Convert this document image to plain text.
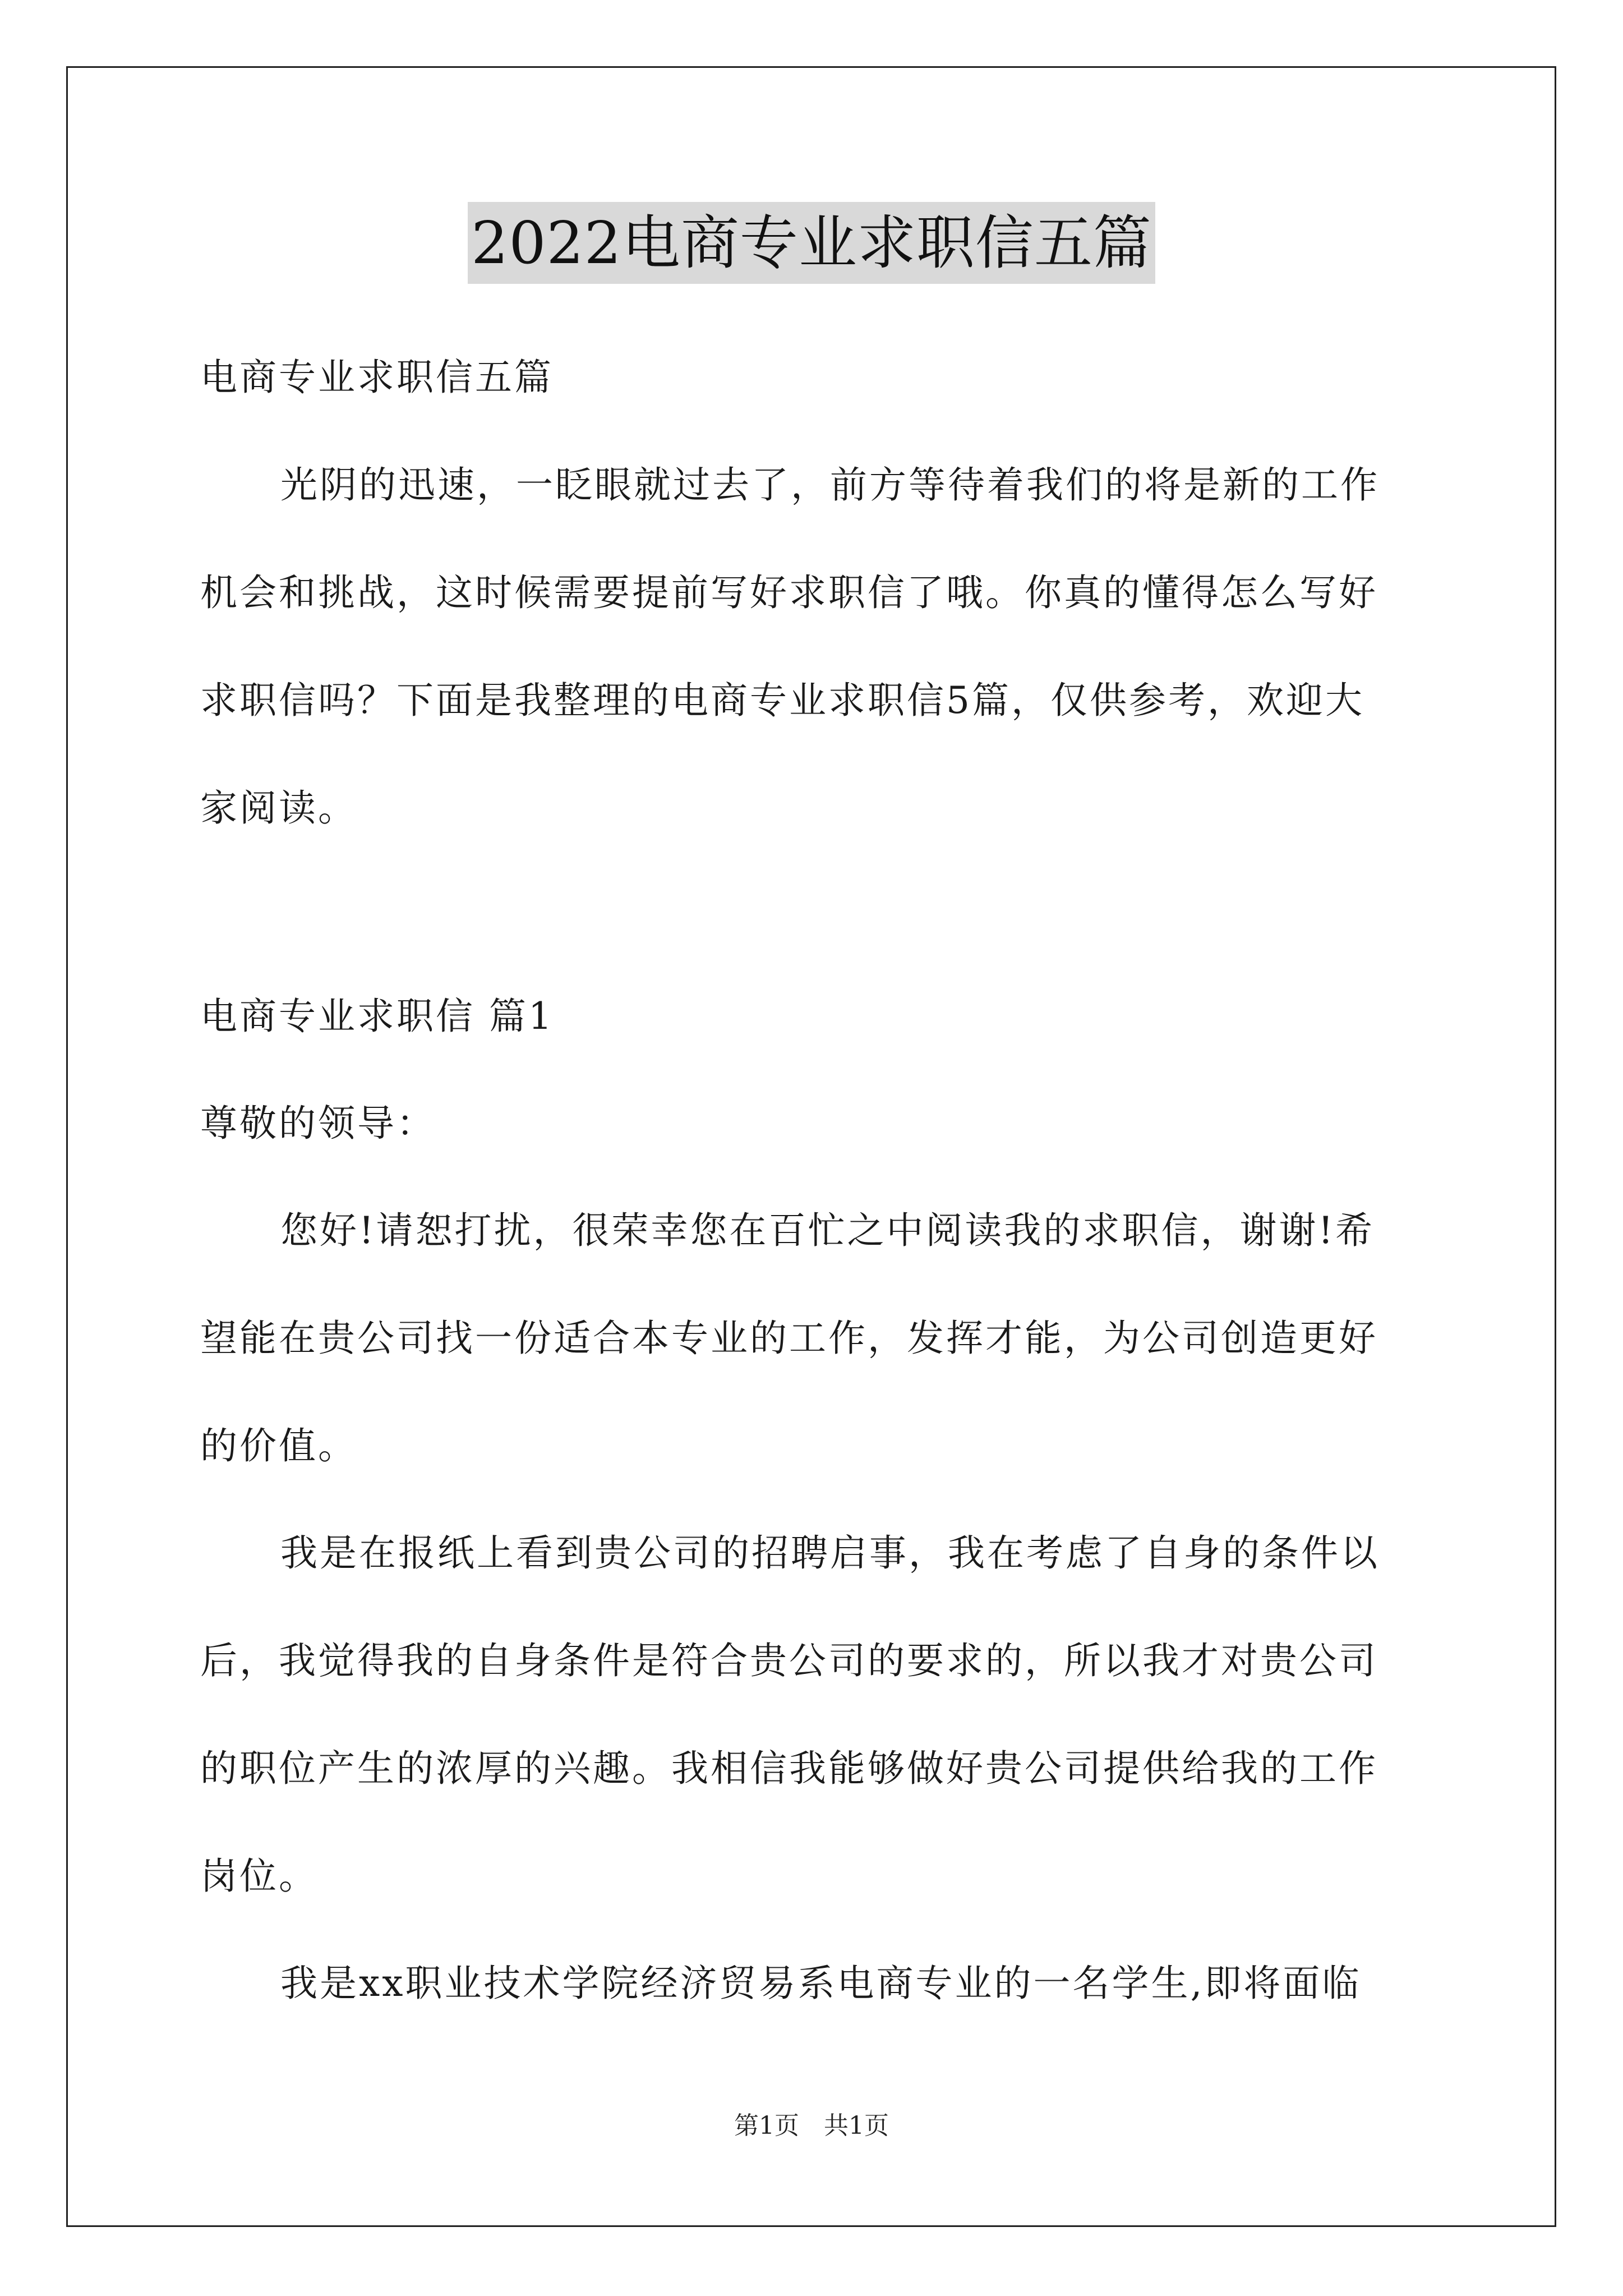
2022电商专业求职信五篇
电商专业求职信五篇
光阴的迅速，一眨眼就过去了，前方等待着我们的将是新的工作
机会和挑战，这时候需要提前写好求职信了哦。你真的懂得怎么写好
求职信吗？下面是我整理的电商专业求职信5篇，仅供参考，欢迎大
家阅读。
电商专业求职信 篇1
尊敬的领导：
您好!请恕打扰，很荣幸您在百忙之中阅读我的求职信，谢谢!希
望能在贵公司找一份适合本专业的工作，发挥才能，为公司创造更好
的价值。
我是在报纸上看到贵公司的招聘启事，我在考虑了自身的条件以
后，我觉得我的自身条件是符合贵公司的要求的，所以我才对贵公司
的职位产生的浓厚的兴趣。我相信我能够做好贵公司提供给我的工作
岗位。
我是xx职业技术学院经济贸易系电商专业的一名学生,即将面临
第1页 共1页
